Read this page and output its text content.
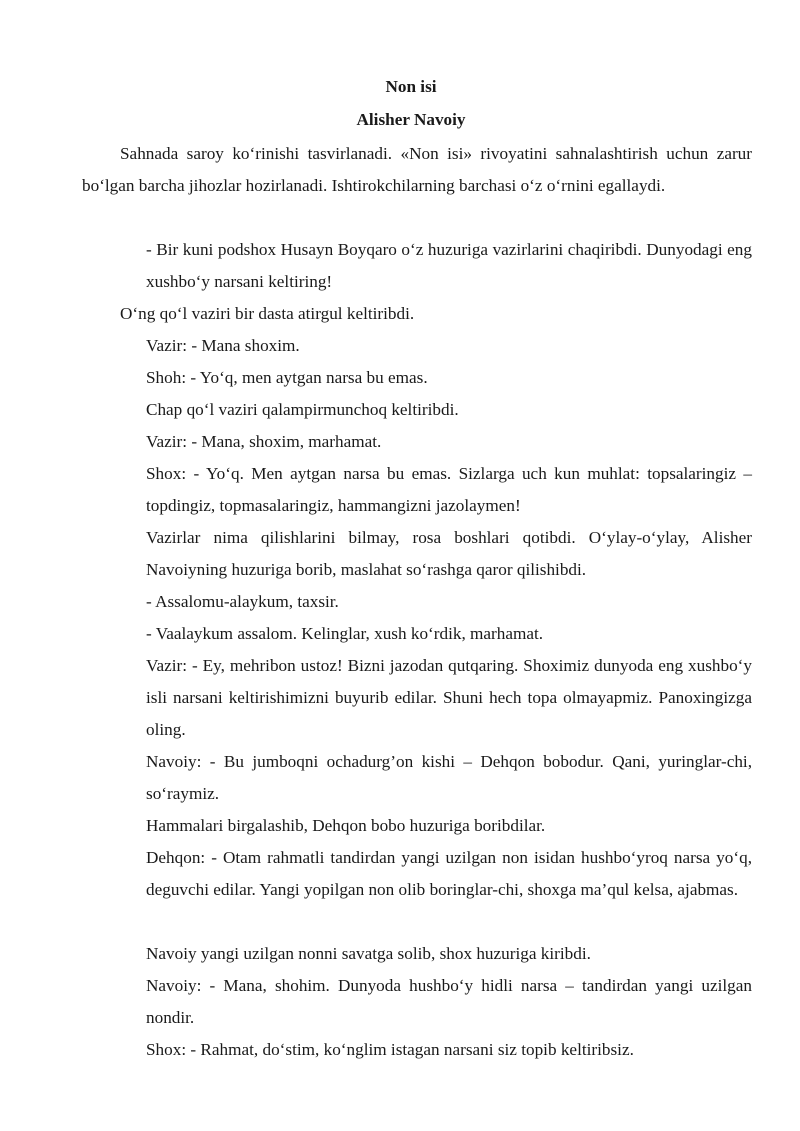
Non isi
Alisher Navoiy

Sahnada saroy koʻrinishi tasvirlanadi. «Non isi» rivoyatini sahnalashtirish uchun zarur boʻlgan barcha jihozlar hozirlanadi. Ishtirokchilarning barchasi oʻz oʻrnini egallaydi.

- Bir kuni podshox Husayn Boyqaro oʻz huzuriga vazirlarini chaqiribdi. Dunyodagi eng xushboʻy narsani keltiring!

Oʻng qoʻl vaziri bir dasta atirgul keltiribdi.

Vazir: - Mana shoxim.

Shoh: - Yoʻq, men aytgan narsa bu emas.

Chap qoʻl vaziri qalampirmunchoq keltiribdi.

Vazir: - Mana, shoxim, marhamat.

Shox: - Yoʻq. Men aytgan narsa bu emas. Sizlarga uch kun muhlat: topsalaringiz – topdingiz, topmasalaringiz, hammangizni jazolaymen!

Vazirlar nima qilishlarini bilmay, rosa boshlari qotibdi. Oʻylay-oʻylay, Alisher Navoiyning huzuriga borib, maslahat soʻrashga qaror qilishibdi.

- Assalomu-alaykum, taxsir.

- Vaalaykum assalom. Kelinglar, xush koʻrdik, marhamat.

Vazir: - Ey, mehribon ustoz! Bizni jazodan qutqaring. Shoximiz dunyoda eng xushboʻy isli narsani keltirishimizni buyurib edilar. Shuni hech topa olmayapmiz. Panoxingizga oling.

Navoiy: - Bu jumboqni ochadurg’on kishi – Dehqon bobodur. Qani, yuringlar-chi, soʻraymiz.

Hammalari birgalashib, Dehqon bobo huzuriga boribdilar.

Dehqon: - Otam rahmatli tandirdan yangi uzilgan non isidan hushboʻyroq narsa yoʻq, deguvchi edilar. Yangi yopilgan non olib boringlar-chi, shoxga ma’qul kelsa, ajabmas.

Navoiy yangi uzilgan nonni savatga solib, shox huzuriga kiribdi.

Navoiy: - Mana, shohim. Dunyoda hushboʻy hidli narsa – tandirdan yangi uzilgan nondir.

Shox: - Rahmat, doʻstim, koʻnglim istagan narsani siz topib keltiribsiz.
